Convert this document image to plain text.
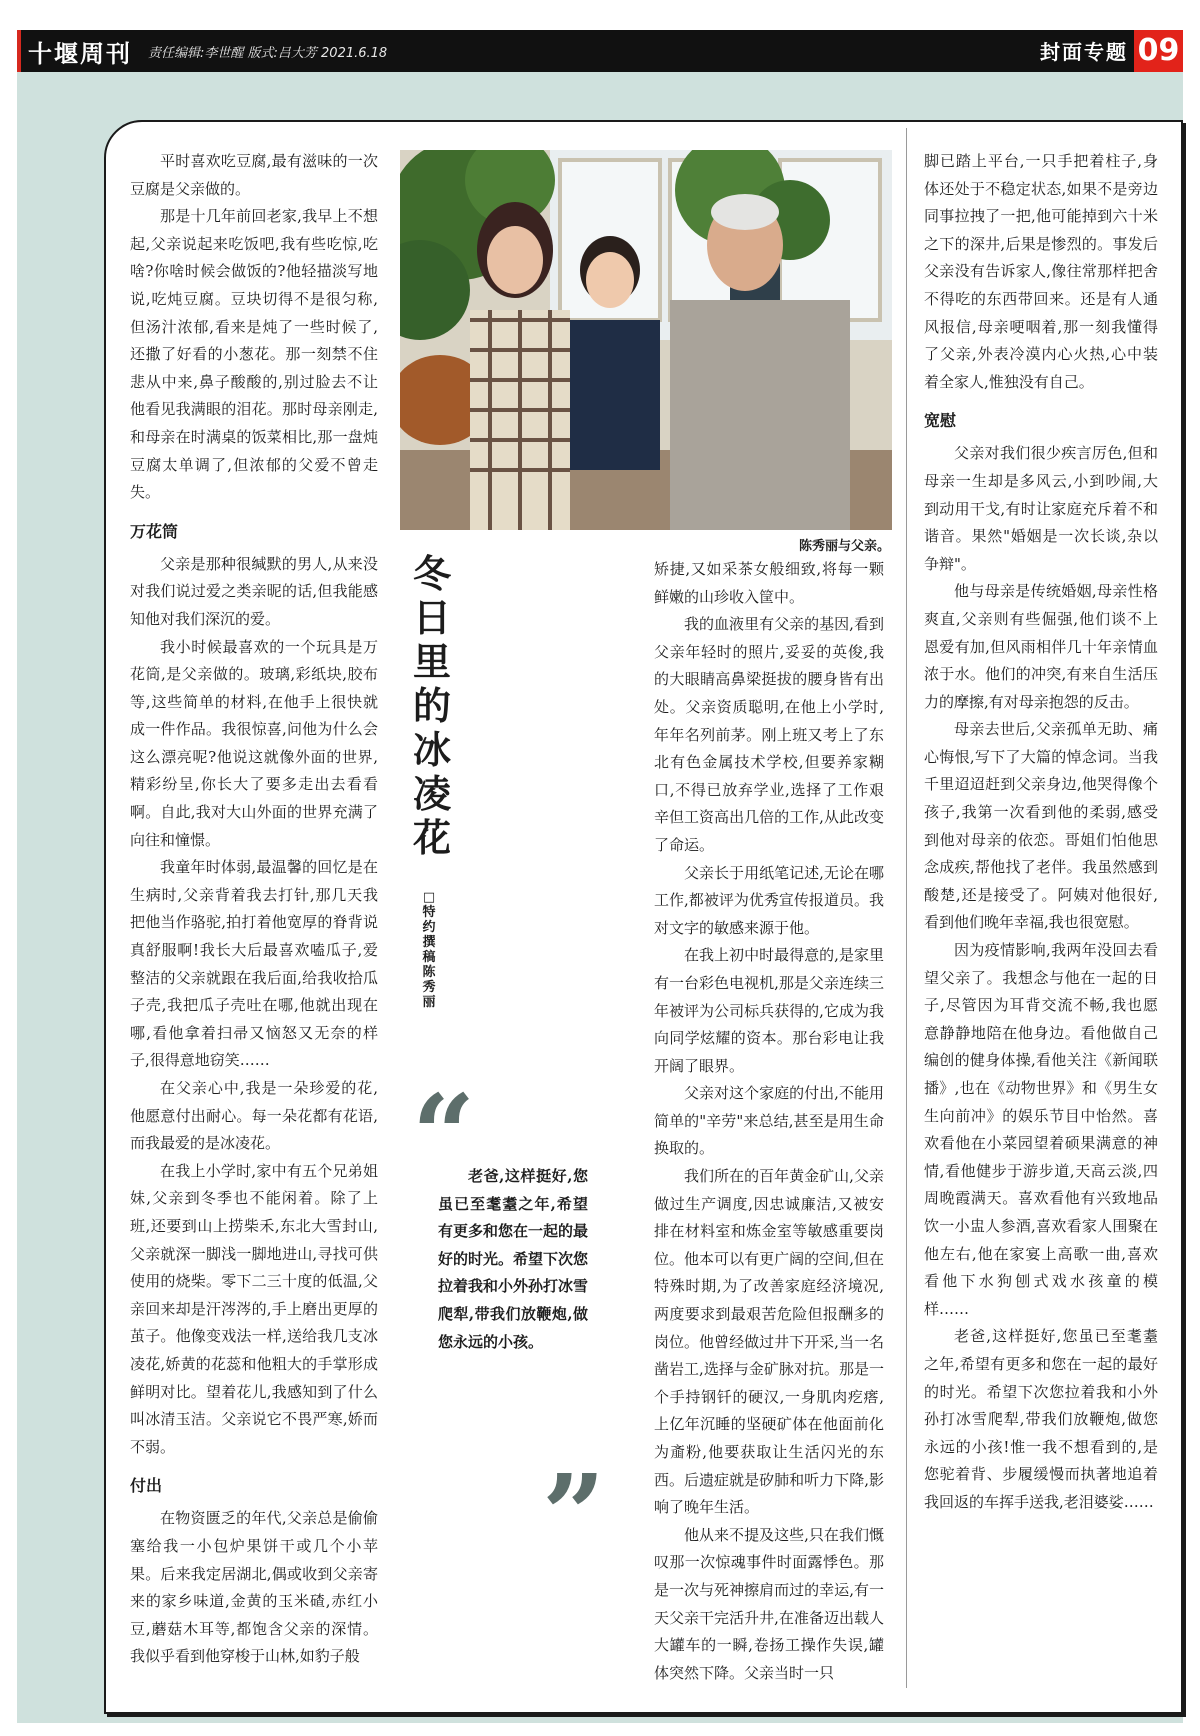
十堰周刊 责任编辑:李世醒 版式:吕大芳 2021.6.18	封面专题 09

平时喜欢吃豆腐,最有滋味的一次豆腐是父亲做的。

那是十几年前回老家,我早上不想起,父亲说起来吃饭吧,我有些吃惊,吃啥?你啥时候会做饭的?他轻描淡写地说,吃炖豆腐。豆块切得不是很匀称,但汤汁浓郁,看来是炖了一些时候了,还撒了好看的小葱花。那一刻禁不住悲从中来,鼻子酸酸的,别过脸去不让他看见我满眼的泪花。那时母亲刚走,和母亲在时满桌的饭菜相比,那一盘炖豆腐太单调了,但浓郁的父爱不曾走失。

万花筒

父亲是那种很缄默的男人,从来没对我们说过爱之类亲昵的话,但我能感知他对我们深沉的爱。

我小时候最喜欢的一个玩具是万花筒,是父亲做的。玻璃,彩纸块,胶布等,这些简单的材料,在他手上很快就成一件作品。我很惊喜,问他为什么会这么漂亮呢?他说这就像外面的世界,精彩纷呈,你长大了要多走出去看看啊。自此,我对大山外面的世界充满了向往和憧憬。

我童年时体弱,最温馨的回忆是在生病时,父亲背着我去打针,那几天我把他当作骆驼,拍打着他宽厚的脊背说真舒服啊!我长大后最喜欢嗑瓜子,爱整洁的父亲就跟在我后面,给我收拾瓜子壳,我把瓜子壳吐在哪,他就出现在哪,看他拿着扫帚又恼怒又无奈的样子,很得意地窃笑……

在父亲心中,我是一朵珍爱的花,他愿意付出耐心。每一朵花都有花语,而我最爱的是冰凌花。

在我上小学时,家中有五个兄弟姐妹,父亲到冬季也不能闲着。除了上班,还要到山上捞柴禾,东北大雪封山,父亲就深一脚浅一脚地进山,寻找可供使用的烧柴。零下二三十度的低温,父亲回来却是汗涔涔的,手上磨出更厚的茧子。他像变戏法一样,送给我几支冰凌花,娇黄的花蕊和他粗大的手掌形成鲜明对比。望着花儿,我感知到了什么叫冰清玉洁。父亲说它不畏严寒,娇而不弱。

付出

在物资匮乏的年代,父亲总是偷偷塞给我一小包炉果饼干或几个小苹果。后来我定居湖北,偶或收到父亲寄来的家乡味道,金黄的玉米碴,赤红小豆,蘑菇木耳等,都饱含父亲的深情。我似乎看到他穿梭于山林,如豹子般

陈秀丽与父亲。
冬日里的冰凌花
□特约撰稿 陈秀丽
“

老爸,这样挺好,您虽已至耄耋之年,希望有更多和您在一起的最好的时光。希望下次您拉着我和小外孙打冰雪爬犁,带我们放鞭炮,做您永远的小孩。

”

矫捷,又如采茶女般细致,将每一颗鲜嫩的山珍收入筐中。

我的血液里有父亲的基因,看到父亲年轻时的照片,妥妥的英俊,我的大眼睛高鼻梁挺拔的腰身皆有出处。父亲资质聪明,在他上小学时,年年名列前茅。刚上班又考上了东北有色金属技术学校,但要养家糊口,不得已放弃学业,选择了工作艰辛但工资高出几倍的工作,从此改变了命运。

父亲长于用纸笔记述,无论在哪工作,都被评为优秀宣传报道员。我对文字的敏感来源于他。

在我上初中时最得意的,是家里有一台彩色电视机,那是父亲连续三年被评为公司标兵获得的,它成为我向同学炫耀的资本。那台彩电让我开阔了眼界。

父亲对这个家庭的付出,不能用简单的"辛劳"来总结,甚至是用生命换取的。

我们所在的百年黄金矿山,父亲做过生产调度,因忠诚廉洁,又被安排在材料室和炼金室等敏感重要岗位。他本可以有更广阔的空间,但在特殊时期,为了改善家庭经济境况,两度要求到最艰苦危险但报酬多的岗位。他曾经做过井下开采,当一名凿岩工,选择与金矿脉对抗。那是一个手持钢钎的硬汉,一身肌肉疙瘩,上亿年沉睡的坚硬矿体在他面前化为齑粉,他要获取让生活闪光的东西。后遗症就是矽肺和听力下降,影响了晚年生活。

他从来不提及这些,只在我们慨叹那一次惊魂事件时面露悸色。那是一次与死神擦肩而过的幸运,有一天父亲干完活升井,在准备迈出载人大罐车的一瞬,卷扬工操作失误,罐体突然下降。父亲当时一只

脚已踏上平台,一只手把着柱子,身体还处于不稳定状态,如果不是旁边同事拉拽了一把,他可能掉到六十米之下的深井,后果是惨烈的。事发后父亲没有告诉家人,像往常那样把舍不得吃的东西带回来。还是有人通风报信,母亲哽咽着,那一刻我懂得了父亲,外表冷漠内心火热,心中装着全家人,惟独没有自己。

宽慰

父亲对我们很少疾言厉色,但和母亲一生却是多风云,小到吵闹,大到动用干戈,有时让家庭充斥着不和谐音。果然"婚姻是一次长谈,杂以争辩"。

他与母亲是传统婚姻,母亲性格爽直,父亲则有些倔强,他们谈不上恩爱有加,但风雨相伴几十年亲情血浓于水。他们的冲突,有来自生活压力的摩擦,有对母亲抱怨的反击。

母亲去世后,父亲孤单无助、痛心悔恨,写下了大篇的悼念词。当我千里迢迢赶到父亲身边,他哭得像个孩子,我第一次看到他的柔弱,感受到他对母亲的依恋。哥姐们怕他思念成疾,帮他找了老伴。我虽然感到酸楚,还是接受了。阿姨对他很好,看到他们晚年幸福,我也很宽慰。

因为疫情影响,我两年没回去看望父亲了。我想念与他在一起的日子,尽管因为耳背交流不畅,我也愿意静静地陪在他身边。看他做自己编创的健身体操,看他关注《新闻联播》,也在《动物世界》和《男生女生向前冲》的娱乐节目中怡然。喜欢看他在小菜园望着硕果满意的神情,看他健步于游步道,天高云淡,四周晚霞满天。喜欢看他有兴致地品饮一小盅人参酒,喜欢看家人围聚在他左右,他在家宴上高歌一曲,喜欢看他下水狗刨式戏水孩童的模样……

老爸,这样挺好,您虽已至耄耋之年,希望有更多和您在一起的最好的时光。希望下次您拉着我和小外孙打冰雪爬犁,带我们放鞭炮,做您永远的小孩!惟一我不想看到的,是您驼着背、步履缓慢而执著地追着我回返的车挥手送我,老泪婆娑……
